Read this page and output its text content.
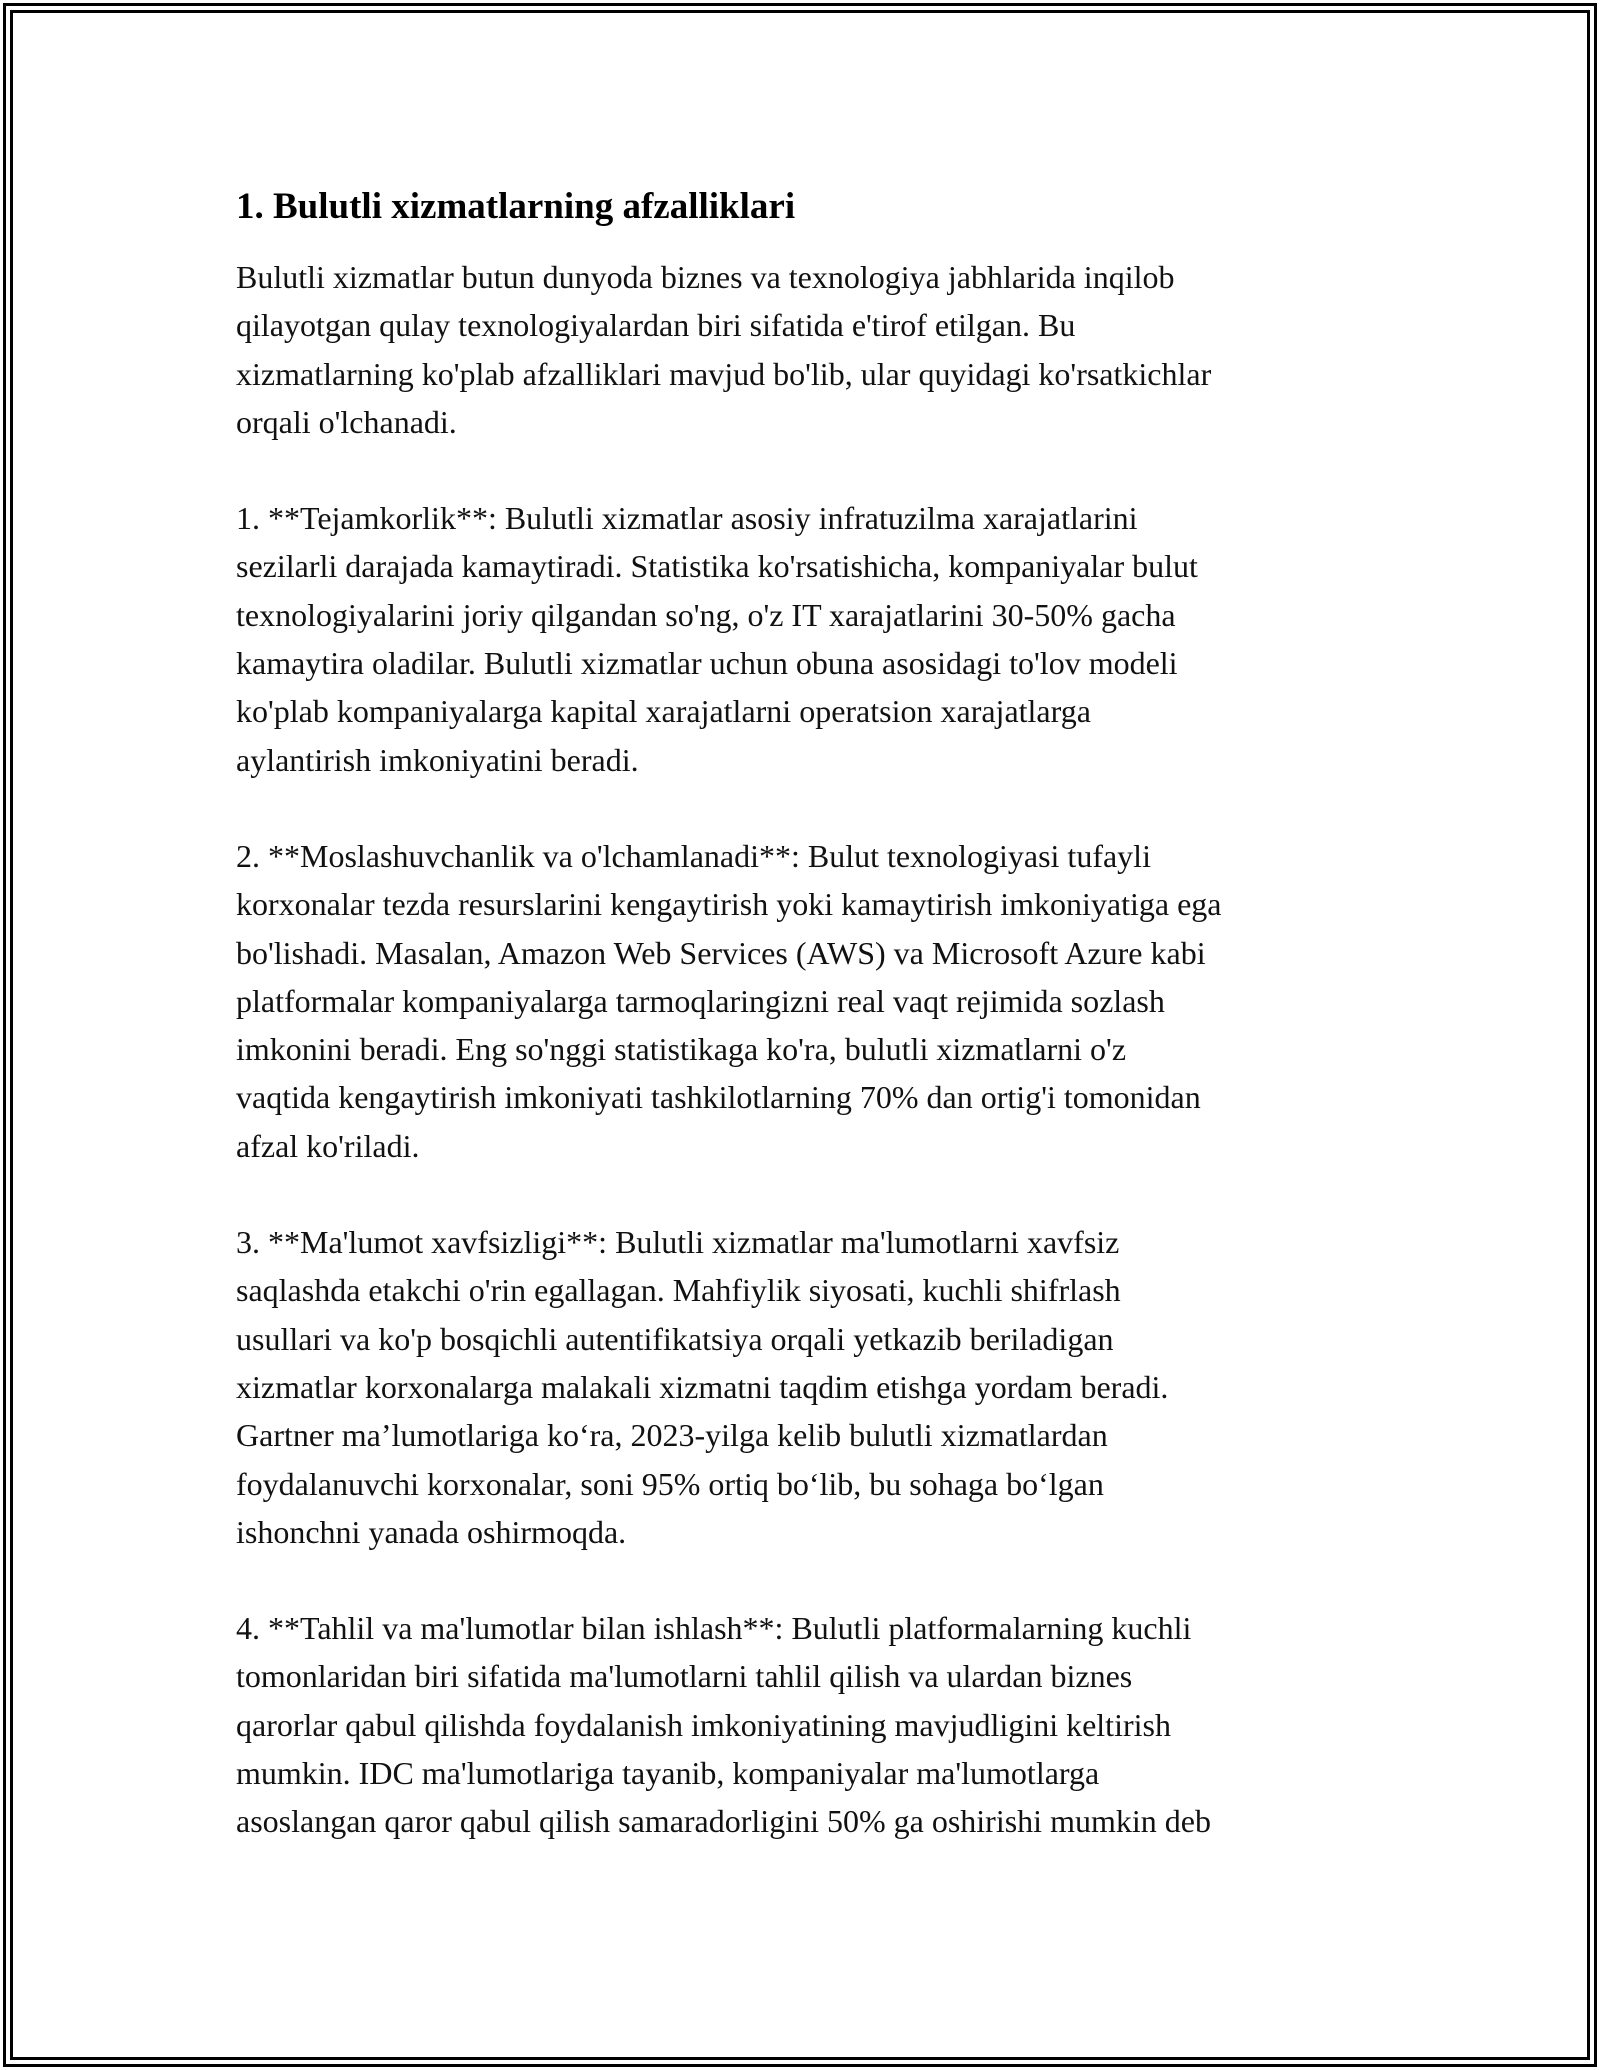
1. Bulutli xizmatlarning afzalliklari
Bulutli xizmatlar butun dunyoda biznes va texnologiya jabhlarida inqilob
qilayotgan qulay texnologiyalardan biri sifatida e'tirof etilgan. Bu
xizmatlarning ko'plab afzalliklari mavjud bo'lib, ular quyidagi ko'rsatkichlar
orqali o'lchanadi.
1. **Tejamkorlik**: Bulutli xizmatlar asosiy infratuzilma xarajatlarini
sezilarli darajada kamaytiradi. Statistika ko'rsatishicha, kompaniyalar bulut
texnologiyalarini joriy qilgandan so'ng, o'z IT xarajatlarini 30-50% gacha
kamaytira oladilar. Bulutli xizmatlar uchun obuna asosidagi to'lov modeli
ko'plab kompaniyalarga kapital xarajatlarni operatsion xarajatlarga
aylantirish imkoniyatini beradi.
2. **Moslashuvchanlik va o'lchamlanadi**: Bulut texnologiyasi tufayli
korxonalar tezda resurslarini kengaytirish yoki kamaytirish imkoniyatiga ega
bo'lishadi. Masalan, Amazon Web Services (AWS) va Microsoft Azure kabi
platformalar kompaniyalarga tarmoqlaringizni real vaqt rejimida sozlash
imkonini beradi. Eng so'nggi statistikaga ko'ra, bulutli xizmatlarni o'z
vaqtida kengaytirish imkoniyati tashkilotlarning 70% dan ortig'i tomonidan
afzal ko'riladi.
3. **Ma'lumot xavfsizligi**: Bulutli xizmatlar ma'lumotlarni xavfsiz
saqlashda etakchi o'rin egallagan. Mahfiylik siyosati, kuchli shifrlash
usullari va ko'p bosqichli autentifikatsiya orqali yetkazib beriladigan
xizmatlar korxonalarga malakali xizmatni taqdim etishga yordam beradi.
Gartner ma’lumotlariga ko‘ra, 2023-yilga kelib bulutli xizmatlardan
foydalanuvchi korxonalar, soni 95% ortiq bo‘lib, bu sohaga bo‘lgan
ishonchni yanada oshirmoqda.
4. **Tahlil va ma'lumotlar bilan ishlash**: Bulutli platformalarning kuchli
tomonlaridan biri sifatida ma'lumotlarni tahlil qilish va ulardan biznes
qarorlar qabul qilishda foydalanish imkoniyatining mavjudligini keltirish
mumkin. IDC ma'lumotlariga tayanib, kompaniyalar ma'lumotlarga
asoslangan qaror qabul qilish samaradorligini 50% ga oshirishi mumkin deb
